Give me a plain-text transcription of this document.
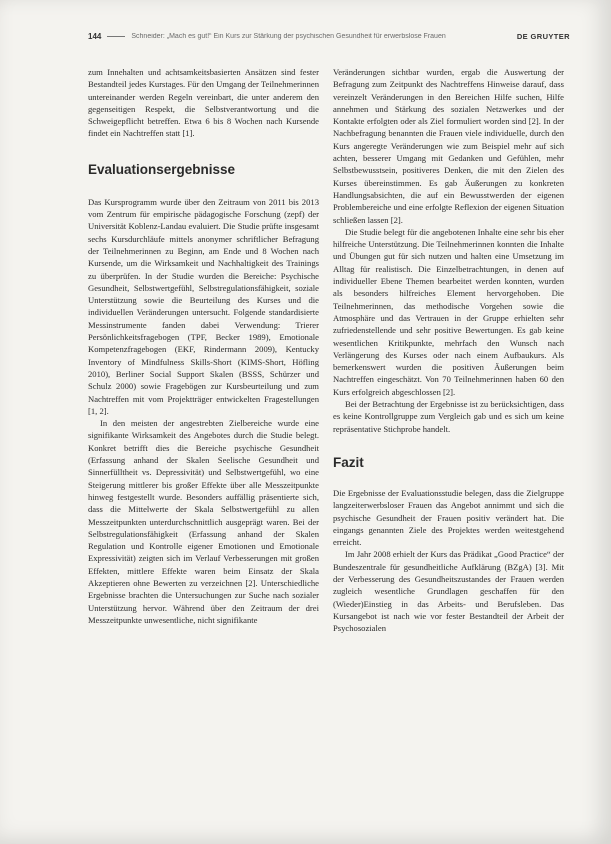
144	Schneider: „Mach es gut!“ Ein Kurs zur Stärkung der psychischen Gesundheit für erwerbslose Frauen	DE GRUYTER

zum Innehalten und achtsamkeitsbasierten Ansätzen sind fester Bestandteil jedes Kurstages. Für den Umgang der Teilnehmerinnen untereinander werden Regeln vereinbart, die unter anderem den gegenseitigen Respekt, die Selbstverantwortung und die Schweigepflicht betreffen. Etwa 6 bis 8 Wochen nach Kursende findet ein Nachtreffen statt [1].

Evaluationsergebnisse

Das Kursprogramm wurde über den Zeitraum von 2011 bis 2013 vom Zentrum für empirische pädagogische Forschung (zepf) der Universität Koblenz-Landau evaluiert. Die Studie prüfte insgesamt sechs Kursdurchläufe mittels anonymer schriftlicher Befragung der Teilnehmerinnen zu Beginn, am Ende und 8 Wochen nach Kursende, um die Wirksamkeit und Nachhaltigkeit des Trainings zu überprüfen. In der Studie wurden die Bereiche: Psychische Gesundheit, Selbstwertgefühl, Selbstregulationsfähigkeit, soziale Unterstützung sowie die Beurteilung des Kurses und die individuellen Veränderungen untersucht. Folgende standardisierte Messinstrumente fanden dabei Verwendung: Trierer Persönlichkeitsfragebogen (TPF, Becker 1989), Emotionale Kompetenzfragebogen (EKF, Rindermann 2009), Kentucky Inventory of Mindfulness Skills-Short (KIMS-Short, Höfling 2010), Berliner Social Support Skalen (BSSS, Schürzer und Schulz 2000) sowie Fragebögen zur Kursbeurteilung und zum Nachtreffen mit vom Projektträger entwickelten Fragestellungen [1, 2].

In den meisten der angestrebten Zielbereiche wurde eine signifikante Wirksamkeit des Angebotes durch die Studie belegt. Konkret betrifft dies die Bereiche psychische Gesundheit (Erfassung anhand der Skalen Seelische Gesundheit und Sinnerfülltheit vs. Depressivität) und Selbstwertgefühl, wo eine Steigerung mittlerer bis großer Effekte über alle Messzeitpunkte hinweg festgestellt wurde. Besonders auffällig präsentierte sich, dass die Mittelwerte der Skala Selbstwertgefühl zu allen Messzeitpunkten unterdurchschnittlich ausgeprägt waren. Bei der Selbstregulationsfähigkeit (Erfassung anhand der Skalen Regulation und Kontrolle eigener Emotionen und Emotionale Expressivität) zeigten sich im Verlauf Verbesserungen mit großen Effekten, mittlere Effekte waren beim Einsatz der Skala Akzeptieren ohne Bewerten zu verzeichnen [2]. Unterschiedliche Ergebnisse brachten die Untersuchungen zur Suche nach sozialer Unterstützung hervor. Während über den Zeitraum der drei Messzeitpunkte unwesentliche, nicht signifikante

Veränderungen sichtbar wurden, ergab die Auswertung der Befragung zum Zeitpunkt des Nachtreffens Hinweise darauf, dass vereinzelt Veränderungen in den Bereichen Hilfe suchen, Hilfe annehmen und Stärkung des sozialen Netzwerkes und der Kontakte erfolgten oder als Ziel formuliert worden sind [2]. In der Nachbefragung benannten die Frauen viele individuelle, durch den Kurs angeregte Veränderungen wie zum Beispiel mehr auf sich achten, besserer Umgang mit Gedanken und Gefühlen, mehr Selbstbewusstsein, positiveres Denken, die mit den Zielen des Kurses übereinstimmen. Es gab Äußerungen zu konkreten Handlungsabsichten, die auf ein Bewusstwerden der eigenen Problembereiche und eine erfolgte Reflexion der eigenen Situation schließen lassen [2].

Die Studie belegt für die angebotenen Inhalte eine sehr bis eher hilfreiche Unterstützung. Die Teilnehmerinnen konnten die Inhalte und Übungen gut für sich nutzen und halten eine Umsetzung im Alltag für realistisch. Die Einzelbetrachtungen, in denen auf individueller Ebene Themen bearbeitet werden konnten, wurden als besonders hilfreiches Element hervorgehoben. Die Teilnehmerinnen, das methodische Vorgehen sowie die Atmosphäre und das Vertrauen in der Gruppe erhielten sehr zufriedenstellende und sehr positive Bewertungen. Es gab keine wesentlichen Kritikpunkte, mehrfach den Wunsch nach Verlängerung des Kurses oder nach einem Aufbaukurs. Als bemerkenswert wurden die positiven Äußerungen beim Nachtreffen eingeschätzt. Von 70 Teilnehmerinnen haben 60 den Kurs erfolgreich abgeschlossen [2].

Bei der Betrachtung der Ergebnisse ist zu berücksichtigen, dass es keine Kontrollgruppe zum Vergleich gab und es sich um keine repräsentative Stichprobe handelt.

Fazit

Die Ergebnisse der Evaluationsstudie belegen, dass die Zielgruppe langzeiterwerbsloser Frauen das Angebot annimmt und sich die psychische Gesundheit der Frauen positiv verändert hat. Die eingangs genannten Ziele des Projektes werden weitestgehend erreicht.

Im Jahr 2008 erhielt der Kurs das Prädikat „Good Practice“ der Bundeszentrale für gesundheitliche Aufklärung (BZgA) [3]. Mit der Verbesserung des Gesundheitszustandes der Frauen werden zugleich wesentliche Grundlagen geschaffen für den (Wieder)Einstieg in das Arbeits- und Berufsleben. Das Kursangebot ist nach wie vor fester Bestandteil der Arbeit der Psychosozialen
